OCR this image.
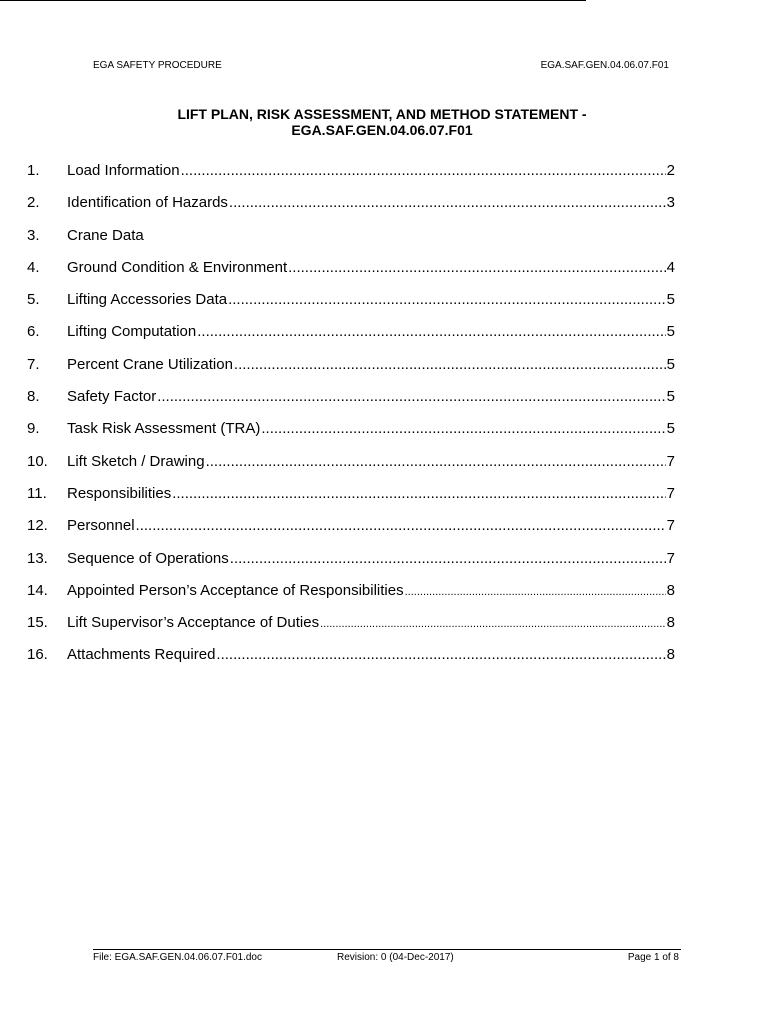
EGA SAFETY PROCEDURE	EGA.SAF.GEN.04.06.07.F01
LIFT PLAN, RISK ASSESSMENT, AND METHOD STATEMENT -
EGA.SAF.GEN.04.06.07.F01
1.	Load Information .....	2
2.	Identification of Hazards .....	3
3.	Crane Data
4.	Ground Condition & Environment .....	4
5.	Lifting Accessories Data .....	5
6.	Lifting Computation .....	5
7.	Percent Crane Utilization .....	5
8.	Safety Factor .....	5
9.	Task Risk Assessment (TRA) .....	5
10.	Lift Sketch / Drawing .....	7
11.	Responsibilities .....	7
12.	Personnel .....	7
13.	Sequence of Operations .....	7
14.	Appointed Person’s Acceptance of Responsibilities .....	8
15.	Lift Supervisor’s Acceptance of Duties .....	8
16.	Attachments Required .....	8
File: EGA.SAF.GEN.04.06.07.F01.doc	Revision: 0 (04-Dec-2017)	Page 1 of 8
